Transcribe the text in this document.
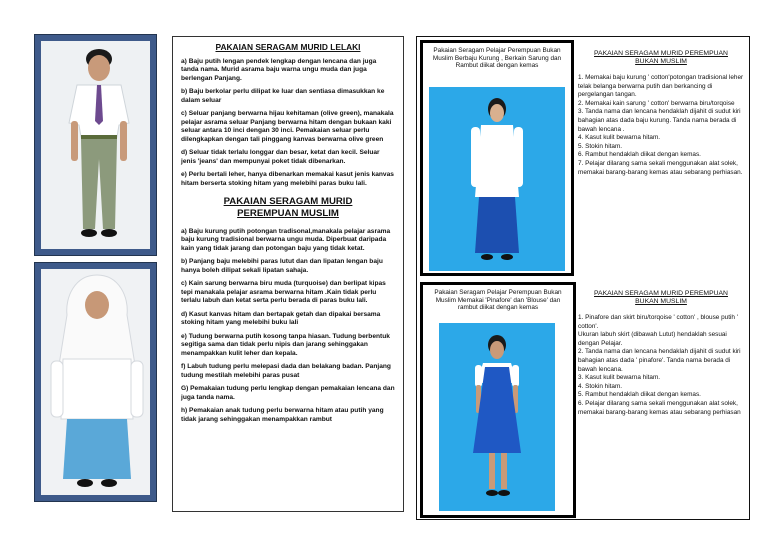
PAKAIAN SERAGAM MURID LELAKI

a) Baju putih lengan pendek lengkap dengan lencana dan juga tanda nama. Murid asrama baju warna ungu muda dan juga berlengan Panjang.

b) Baju berkolar perlu dilipat ke luar dan sentiasa dimasukkan ke dalam seluar

c) Seluar panjang berwarna hijau kehitaman (olive green), manakala pelajar asrama seluar Panjang berwarna hitam dengan bukaan kaki seluar antara 10 inci dengan 30 inci. Pemakaian seluar perlu dilengkapkan dengan tali pinggang kanvas berwarna olive green

d) Seluar tidak terlalu longgar dan besar, ketat dan kecil. Seluar jenis 'jeans' dan mempunyai poket tidak dibenarkan.

e) Perlu bertali leher, hanya dibenarkan memakai kasut jenis kanvas hitam berserta stoking hitam yang melebihi paras buku lali.

PAKAIAN SERAGAM MURID PEREMPUAN MUSLIM

a) Baju kurung putih potongan tradisonal,manakala pelajar asrama baju kurung tradisional berwarna ungu muda. Diperbuat daripada kain yang tidak jarang dan potongan baju yang tidak ketat.

b) Panjang baju melebihi paras lutut dan dan lipatan lengan baju hanya boleh dilipat sekali lipatan sahaja.

c) Kain sarung berwarna biru muda (turquoise) dan berlipat kipas tepi manakala pelajar asrama berwarna hitam .Kain tidak perlu terlalu labuh dan ketat serta perlu berada di paras buku lali.

d) Kasut kanvas hitam dan bertapak getah dan dipakai bersama stoking hitam yang melebihi buku lali

e) Tudung berwarna putih kosong tanpa hiasan. Tudung berbentuk segitiga sama dan tidak perlu nipis dan jarang sehinggakan menampakkan kulit leher dan kepala.

f) Labuh tudung perlu melepasi dada dan belakang badan. Panjang tudung mestilah melebihi paras pusat

G) Pemakaian tudung perlu lengkap dengan pemakaian lencana dan juga tanda nama.

h) Pemakaian anak tudung perlu berwarna hitam atau putih yang tidak jarang sehinggakan menampakkan rambut

Pakaian Seragam Pelajar Perempuan Bukan Muslim Berbaju Kurung , Berkain Sarung dan Rambut diikat dengan kemas
PAKAIAN SERAGAM MURID PEREMPUAN BUKAN MUSLIM
1. Memakai baju kurung ' cotton'potongan tradisional leher telak belanga berwarna putih dan berkancing di pergelangan tangan.
2. Memakai kain sarung ' cotton' berwarna biru/torqoise
3. Tanda nama dan lencana hendaklah dijahit di sudut kiri bahagian atas dada baju kurung. Tanda nama berada di bawah lencana .
4. Kasut kulit bewarna hitam.
5. Stokin hitam.
6. Rambut hendaklah diikat dengan kemas.
7. Pelajar dilarang sama sekali menggunakan alat solek, memakai barang-barang kemas atau sebarang perhiasan.
Pakaian Seragam Pelajar Perempuan Bukan Muslim Memakai 'Pinafore' dan 'Blouse' dan rambut diikat dengan kemas
PAKAIAN SERAGAM MURID PEREMPUAN BUKAN MUSLIM
1. Pinafore dan skirt biru/torqoise ' cotton' , blouse putih ' cotton'.
Ukuran labuh skirt (dibawah Lutut) hendaklah sesuai dengan Pelajar.
2. Tanda nama dan lencana hendaklah dijahit di sudut kiri bahagian atas dada ' pinafore'. Tanda nama berada di bawah lencana.
3. Kasut kulit bewarna hitam.
4. Stokin hitam.
5. Rambut hendaklah diikat dengan kemas.
6. Pelajar dilarang sama sekali menggunakan alat solek, memakai barang-barang kemas atau sebarang perhiasan
